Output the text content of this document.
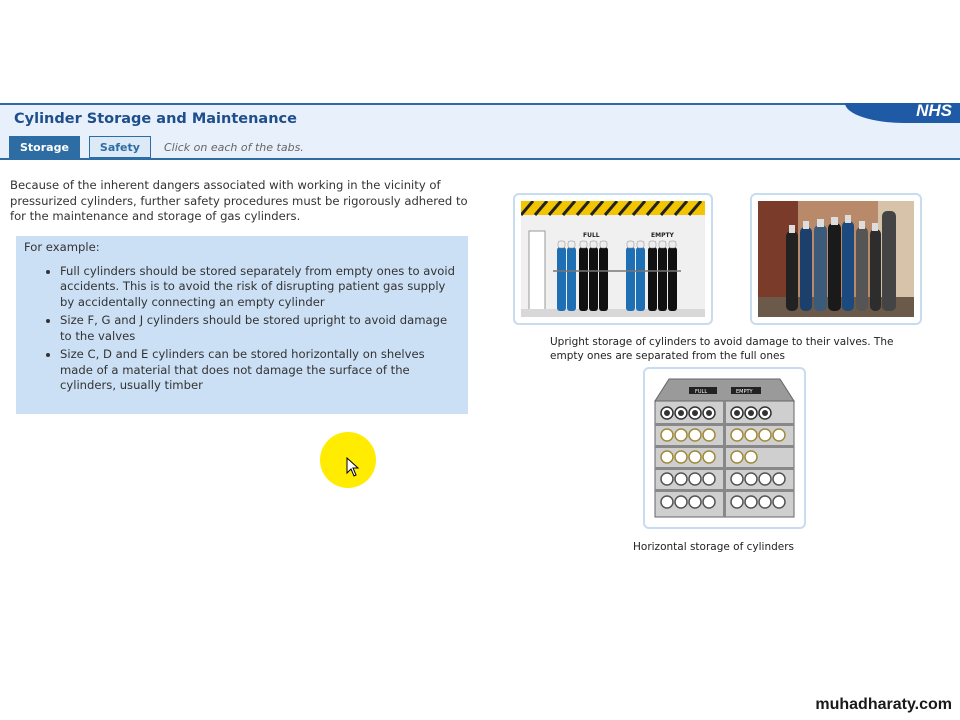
Cylinder Storage and Maintenance	NHS
Storage	Safety	Click on each of the tabs.
Because of the inherent dangers associated with working in the vicinity of pressurized cylinders, further safety procedures must be rigorously adhered to for the maintenance and storage of gas cylinders.
For example:
• Full cylinders should be stored separately from empty ones to avoid accidents. This is to avoid the risk of disrupting patient gas supply by accidentally connecting an empty cylinder
• Size F, G and J cylinders should be stored upright to avoid damage to the valves
• Size C, D and E cylinders can be stored horizontally on shelves made of a material that does not damage the surface of the cylinders, usually timber
FULL	EMPTY
Upright storage of cylinders to avoid damage to their valves. The empty ones are separated from the full ones
FULL	EMPTY
Horizontal storage of cylinders
muhadharaty.com
